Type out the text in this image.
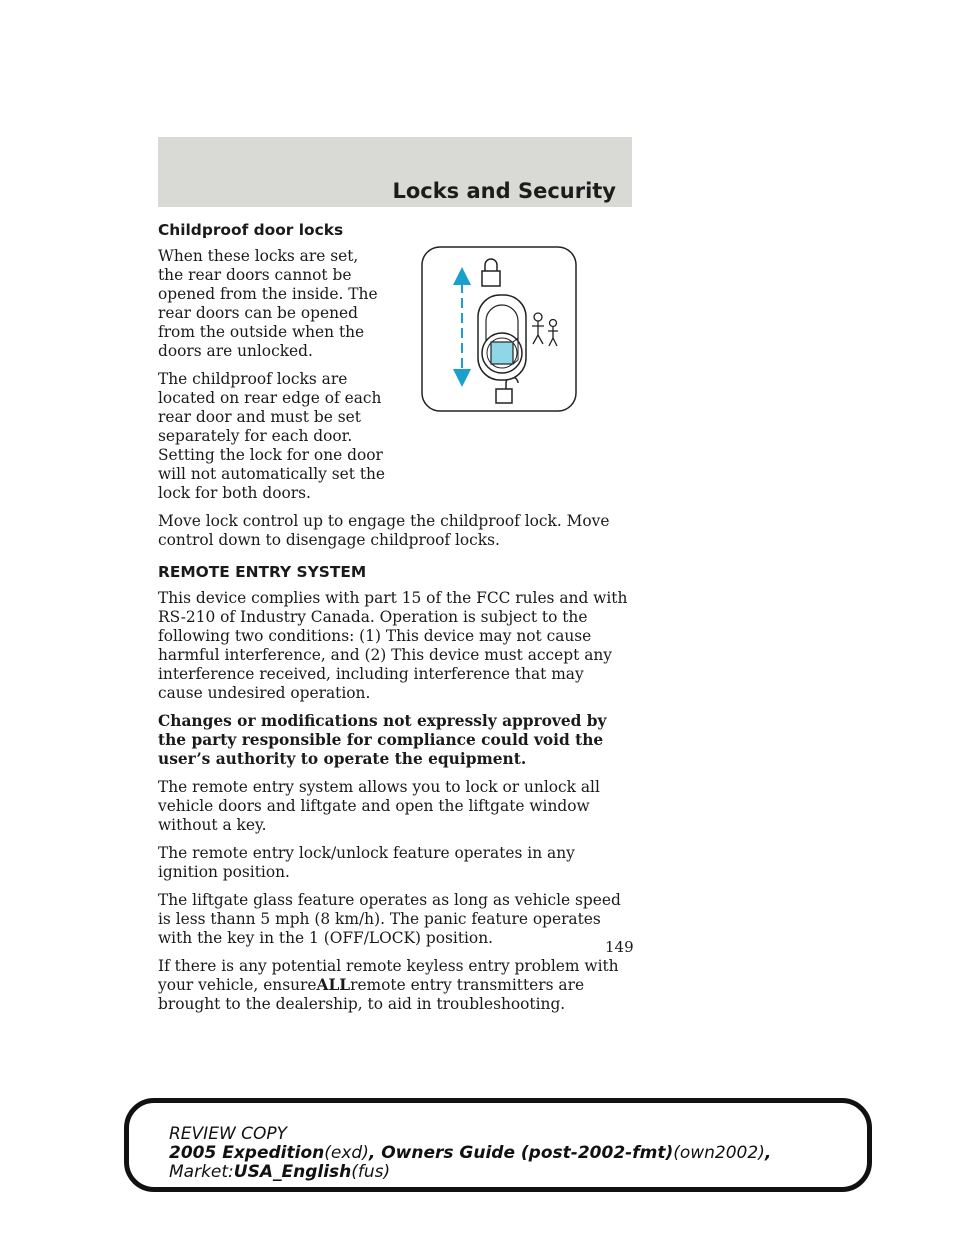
Locks and Security
Childproof door locks

When these locks are set, the rear doors cannot be opened from the inside. The rear doors can be opened from the outside when the doors are unlocked.

The childproof locks are located on rear edge of each rear door and must be set separately for each door. Setting the lock for one door will not automatically set the lock for both doors.

Move lock control up to engage the childproof lock. Move control down to disengage childproof locks.

REMOTE ENTRY SYSTEM

This device complies with part 15 of the FCC rules and with RS-210 of Industry Canada. Operation is subject to the following two conditions: (1) This device may not cause harmful interference, and (2) This device must accept any interference received, including interference that may cause undesired operation.

Changes or modifications not expressly approved by the party responsible for compliance could void the user’s authority to operate the equipment.

The remote entry system allows you to lock or unlock all vehicle doors and liftgate and open the liftgate window without a key.

The remote entry lock/unlock feature operates in any ignition position.

The liftgate glass feature operates as long as vehicle speed is less thann 5 mph (8 km/h). The panic feature operates with the key in the 1 (OFF/LOCK) position.

If there is any potential remote keyless entry problem with your vehicle, ensureALLremote entry transmitters are brought to the dealership, to aid in troubleshooting.

149
REVIEW COPY
2005 Expedition(exd), Owners Guide (post-2002-fmt)(own2002),
Market:USA_English(fus)
